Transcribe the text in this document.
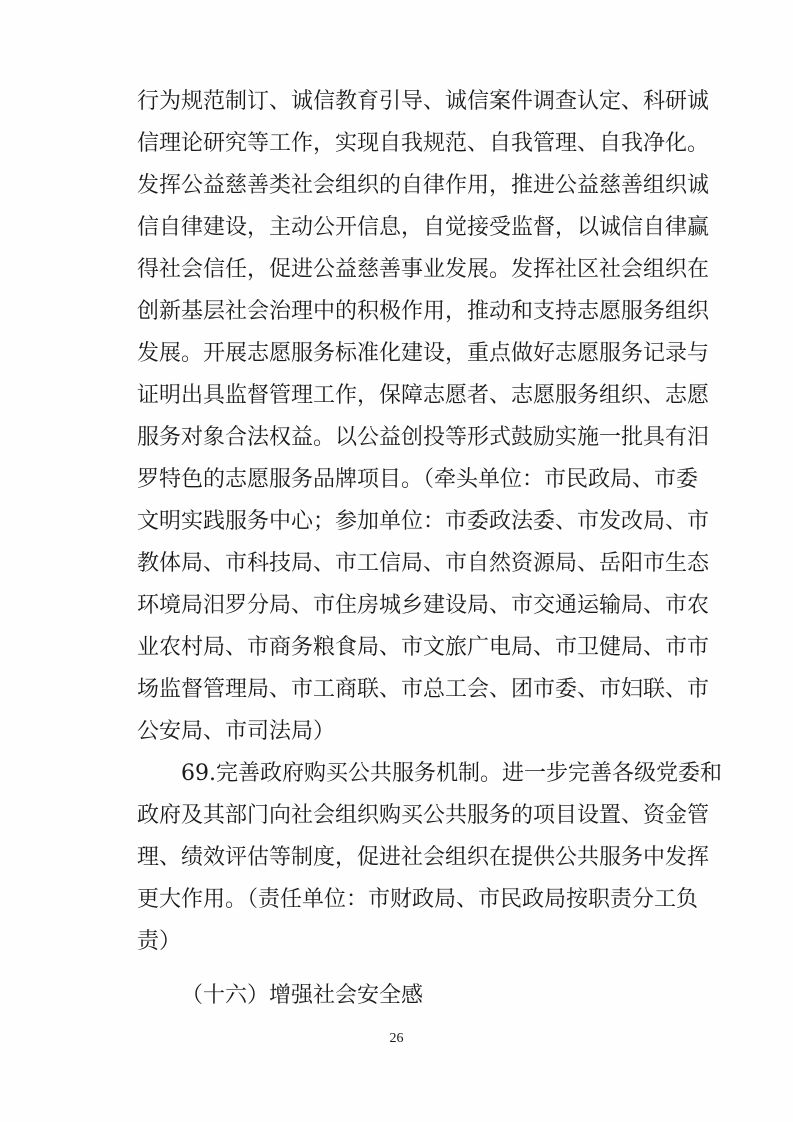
行为规范制订、诚信教育引导、诚信案件调查认定、科研诚
信理论研究等工作，实现自我规范、自我管理、自我净化。
发挥公益慈善类社会组织的自律作用，推进公益慈善组织诚
信自律建设，主动公开信息，自觉接受监督，以诚信自律赢
得社会信任，促进公益慈善事业发展。发挥社区社会组织在
创新基层社会治理中的积极作用，推动和支持志愿服务组织
发展。开展志愿服务标准化建设，重点做好志愿服务记录与
证明出具监督管理工作，保障志愿者、志愿服务组织、志愿
服务对象合法权益。以公益创投等形式鼓励实施一批具有汨
罗特色的志愿服务品牌项目。（牵头单位：市民政局、市委
文明实践服务中心；参加单位：市委政法委、市发改局、市
教体局、市科技局、市工信局、市自然资源局、岳阳市生态
环境局汨罗分局、市住房城乡建设局、市交通运输局、市农
业农村局、市商务粮食局、市文旅广电局、市卫健局、市市
场监督管理局、市工商联、市总工会、团市委、市妇联、市
公安局、市司法局）
69.完善政府购买公共服务机制。进一步完善各级党委和
政府及其部门向社会组织购买公共服务的项目设置、资金管
理、绩效评估等制度，促进社会组织在提供公共服务中发挥
更大作用。（责任单位：市财政局、市民政局按职责分工负
责）
（十六）增强社会安全感
26
